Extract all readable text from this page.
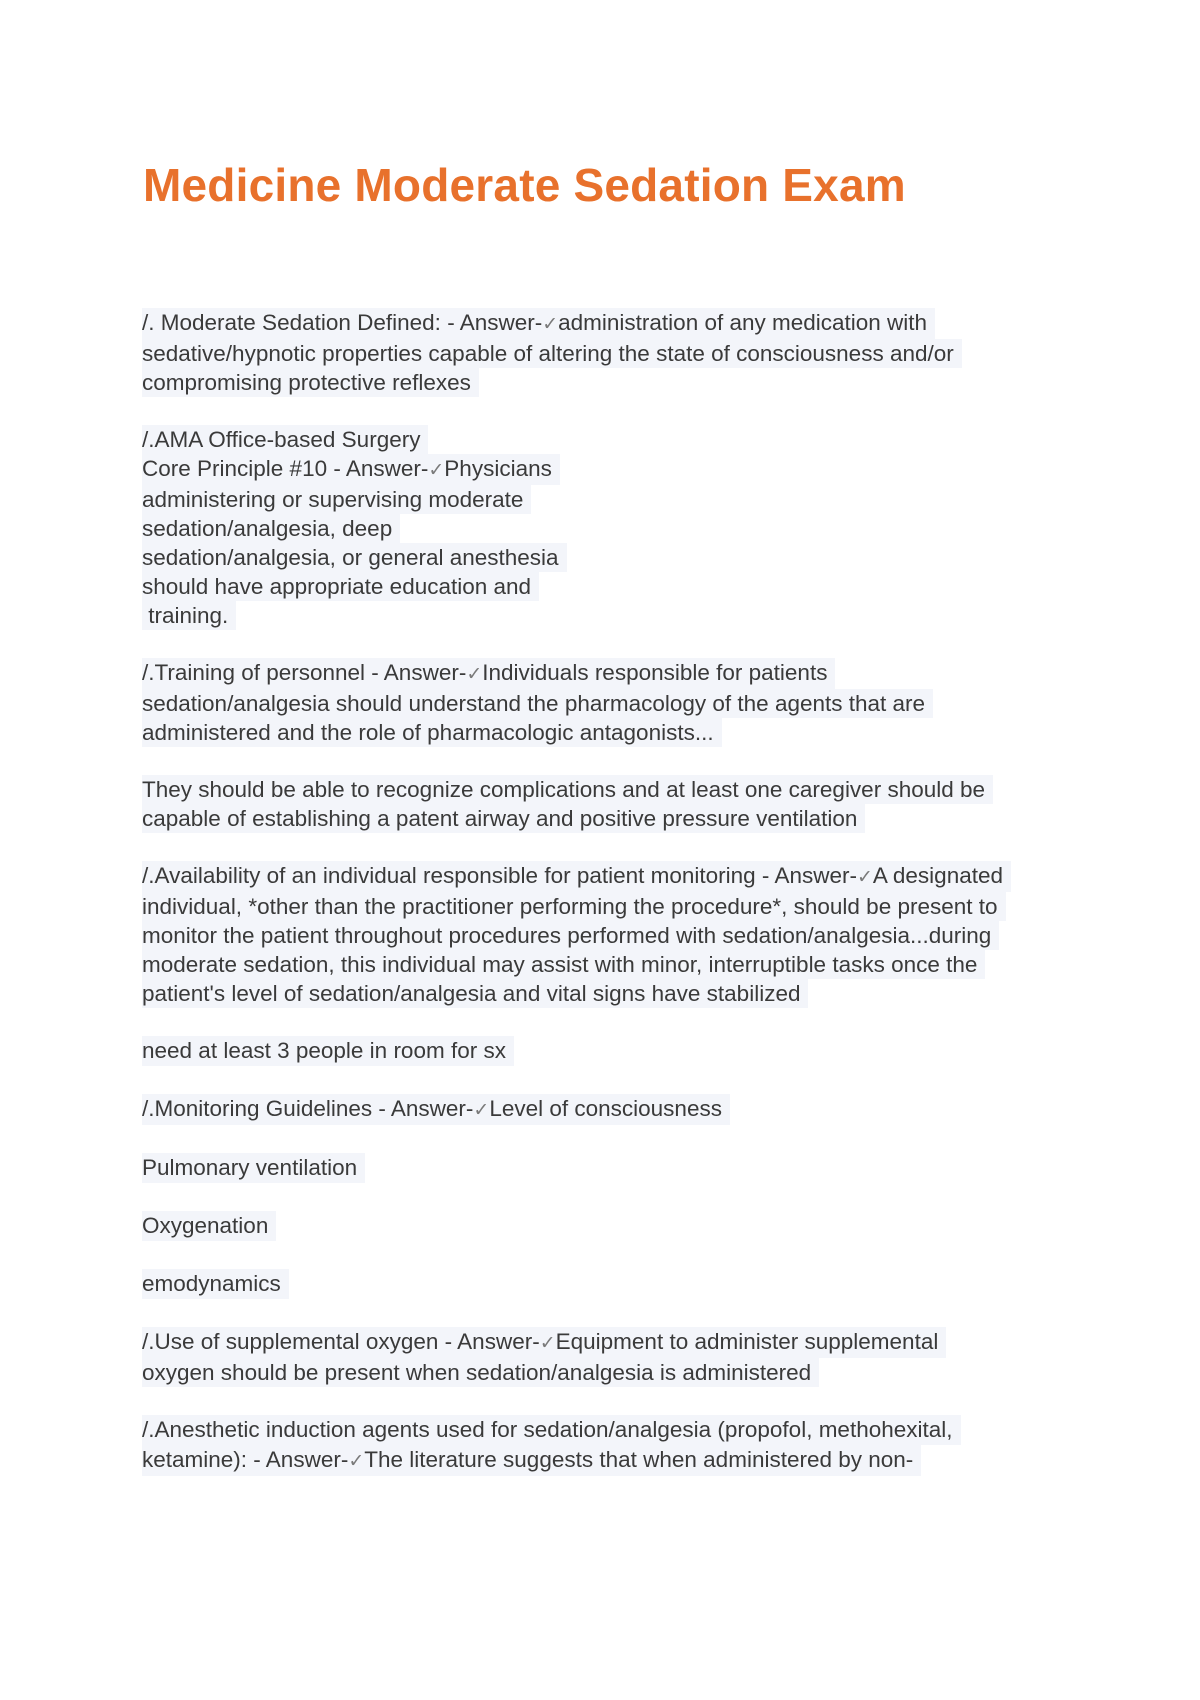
Medicine Moderate Sedation Exam
/. Moderate Sedation Defined: - Answer-✓administration of any medication with
sedative/hypnotic properties capable of altering the state of consciousness and/or
compromising protective reflexes
/.AMA Office-based Surgery
Core Principle #10 - Answer-✓Physicians
administering or supervising moderate
sedation/analgesia, deep
sedation/analgesia, or general anesthesia
should have appropriate education and
training.
/.Training of personnel - Answer-✓Individuals responsible for patients
sedation/analgesia should understand the pharmacology of the agents that are
administered and the role of pharmacologic antagonists...
They should be able to recognize complications and at least one caregiver should be
capable of establishing a patent airway and positive pressure ventilation
/.Availability of an individual responsible for patient monitoring - Answer-✓A designated
individual, *other than the practitioner performing the procedure*, should be present to
monitor the patient throughout procedures performed with sedation/analgesia...during
moderate sedation, this individual may assist with minor, interruptible tasks once the
patient's level of sedation/analgesia and vital signs have stabilized
need at least 3 people in room for sx
/.Monitoring Guidelines - Answer-✓Level of consciousness
Pulmonary ventilation
Oxygenation
emodynamics
/.Use of supplemental oxygen - Answer-✓Equipment to administer supplemental
oxygen should be present when sedation/analgesia is administered
/.Anesthetic induction agents used for sedation/analgesia (propofol, methohexital,
ketamine): - Answer-✓The literature suggests that when administered by non-
